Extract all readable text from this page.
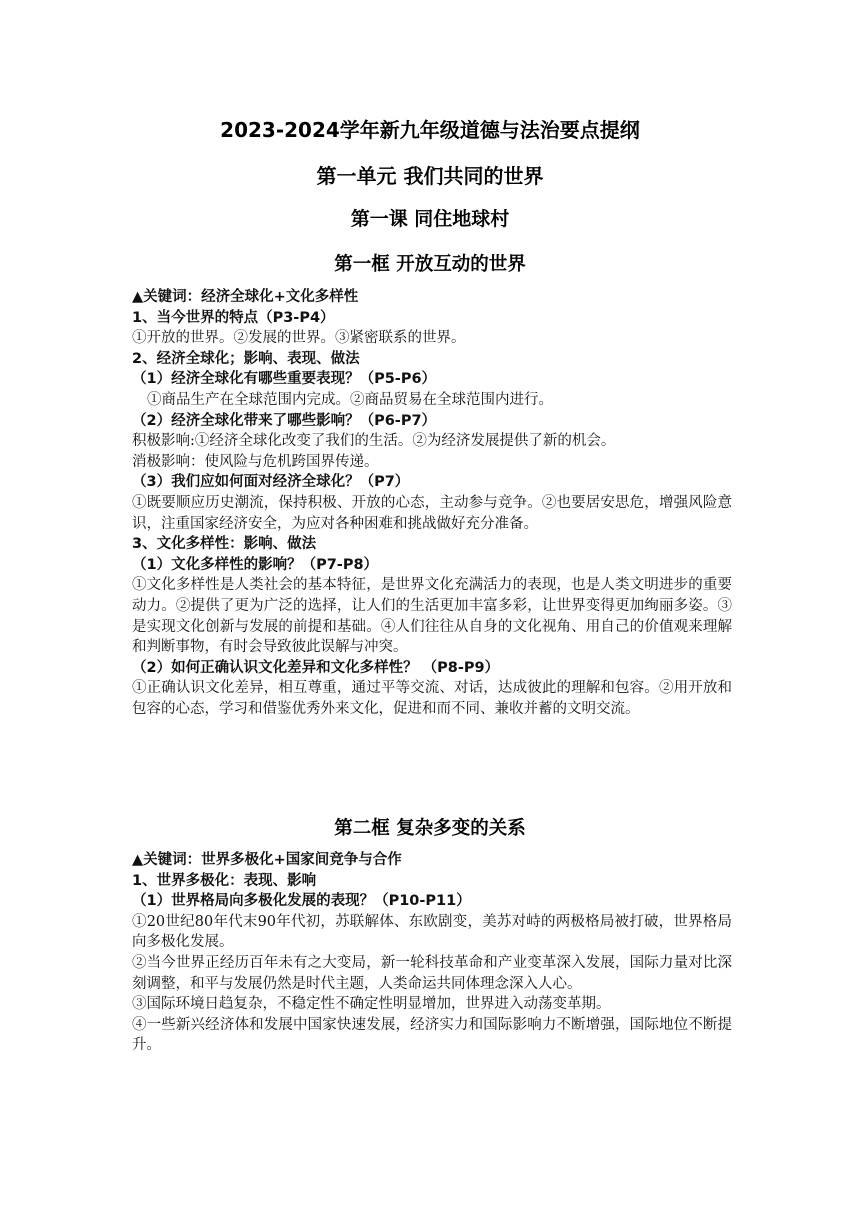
2023-2024学年新九年级道德与法治要点提纲
第一单元 我们共同的世界
第一课 同住地球村
第一框 开放互动的世界
▲关键词：经济全球化+文化多样性
1、当今世界的特点（P3-P4）
①开放的世界。②发展的世界。③紧密联系的世界。
2、经济全球化；影响、表现、做法
（1）经济全球化有哪些重要表现？（P5-P6）
①商品生产在全球范围内完成。②商品贸易在全球范围内进行。
（2）经济全球化带来了哪些影响？（P6-P7）
积极影响:①经济全球化改变了我们的生活。②为经济发展提供了新的机会。
消极影响：使风险与危机跨国界传递。
（3）我们应如何面对经济全球化？（P7）
①既要顺应历史潮流，保持积极、开放的心态，主动参与竞争。②也要居安思危，增强风险意识，注重国家经济安全，为应对各种困难和挑战做好充分准备。
3、文化多样性：影响、做法
（1）文化多样性的影响？（P7-P8）
①文化多样性是人类社会的基本特征，是世界文化充满活力的表现，也是人类文明进步的重要动力。②提供了更为广泛的选择，让人们的生活更加丰富多彩，让世界变得更加绚丽多姿。③是实现文化创新与发展的前提和基础。④人们往往从自身的文化视角、用自己的价值观来理解和判断事物，有时会导致彼此误解与冲突。
（2）如何正确认识文化差异和文化多样性？ （P8-P9）
①正确认识文化差异，相互尊重，通过平等交流、对话，达成彼此的理解和包容。②用开放和包容的心态，学习和借鉴优秀外来文化，促进和而不同、兼收并蓄的文明交流。
第二框 复杂多变的关系
▲关键词：世界多极化+国家间竞争与合作
1、世界多极化：表现、影响
（1）世界格局向多极化发展的表现？（P10-P11）
①20世纪80年代末90年代初，苏联解体、东欧剧变，美苏对峙的两极格局被打破，世界格局向多极化发展。
②当今世界正经历百年未有之大变局，新一轮科技革命和产业变革深入发展，国际力量对比深刻调整，和平与发展仍然是时代主题，人类命运共同体理念深入人心。
③国际环境日趋复杂，不稳定性不确定性明显增加，世界进入动荡变革期。
④一些新兴经济体和发展中国家快速发展，经济实力和国际影响力不断增强，国际地位不断提升。
